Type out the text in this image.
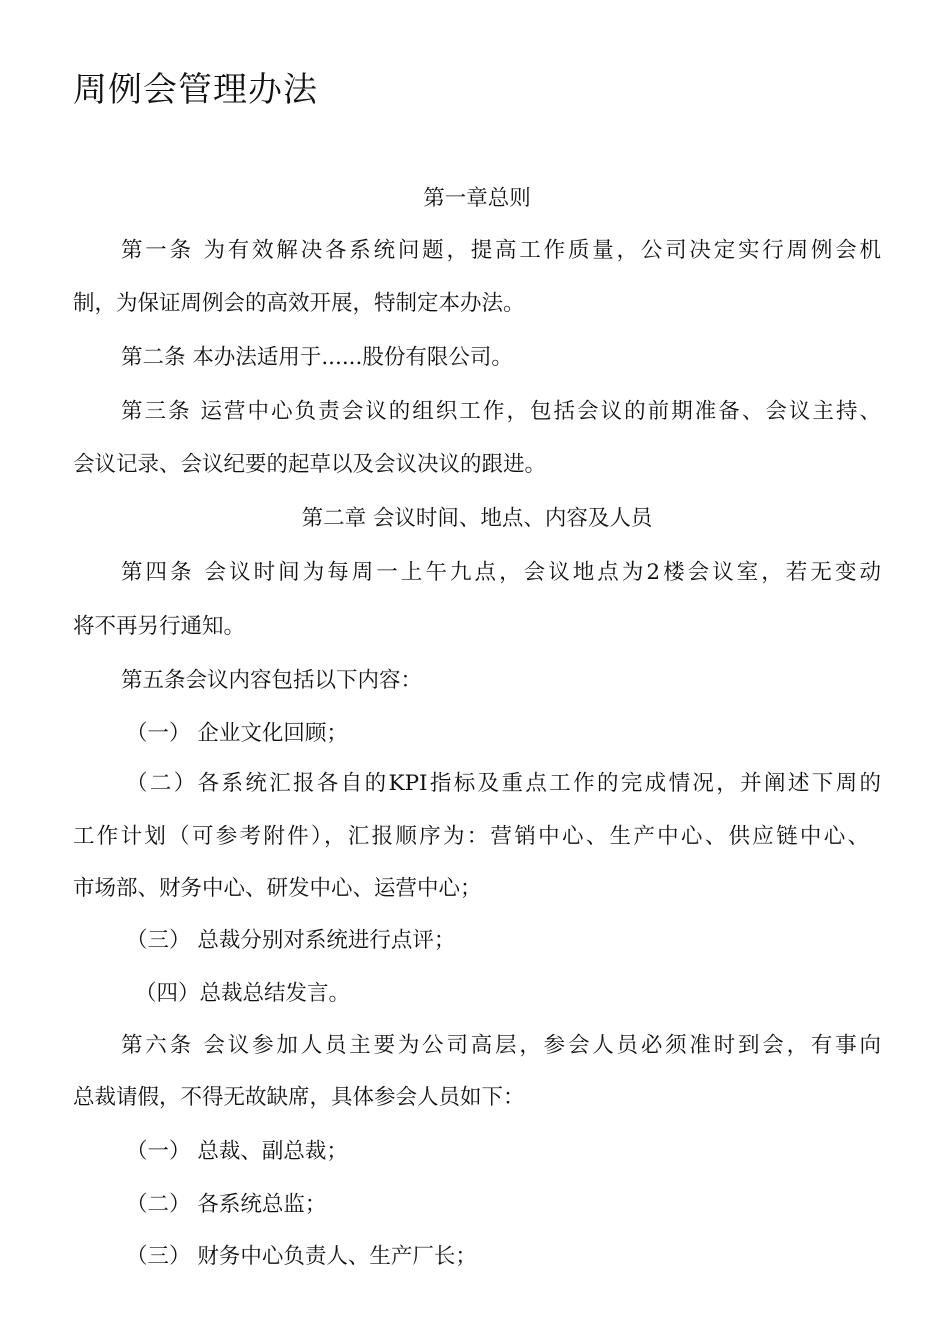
周例会管理办法
第一章总则
第一条 为有效解决各系统问题，提高工作质量，公司决定实行周例会机
制，为保证周例会的高效开展，特制定本办法。
第二条 本办法适用于......股份有限公司。
第三条 运营中心负责会议的组织工作，包括会议的前期准备、会议主持、
会议记录、会议纪要的起草以及会议决议的跟进。
第二章 会议时间、地点、内容及人员
第四条 会议时间为每周一上午九点，会议地点为2楼会议室，若无变动
将不再另行通知。
第五条会议内容包括以下内容：
（一） 企业文化回顾；
（二）各系统汇报各自的KPI指标及重点工作的完成情况，并阐述下周的
工作计划（可参考附件），汇报顺序为：营销中心、生产中心、供应链中心、
市场部、财务中心、研发中心、运营中心；
（三） 总裁分别对系统进行点评；
（四）总裁总结发言。
第六条 会议参加人员主要为公司高层，参会人员必须准时到会，有事向
总裁请假，不得无故缺席，具体参会人员如下：
（一） 总裁、副总裁；
（二） 各系统总监；
（三） 财务中心负责人、生产厂长；
